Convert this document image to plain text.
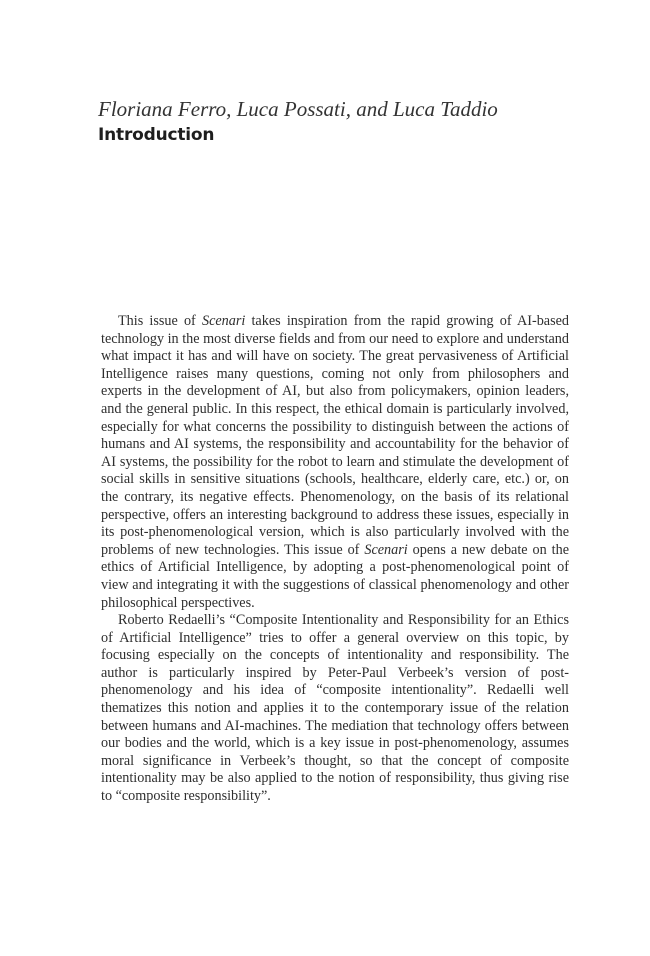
Floriana Ferro, Luca Possati, and Luca Taddio
Introduction

This issue of Scenari takes inspiration from the rapid growing of AI-based technology in the most diverse fields and from our need to explore and understand what impact it has and will have on society. The great pervasiveness of Artificial Intelligence raises many questions, coming not only from philosophers and experts in the development of AI, but also from policymakers, opinion leaders, and the general public. In this respect, the ethical domain is particularly involved, especially for what concerns the possibility to distinguish between the actions of humans and AI systems, the responsibility and accountability for the behavior of AI systems, the possibility for the robot to learn and stimulate the development of social skills in sensitive situations (schools, healthcare, elderly care, etc.) or, on the contrary, its negative effects. Phenomenology, on the basis of its relational perspective, offers an interesting background to address these issues, especially in its post-phenomenological version, which is also particularly involved with the problems of new technologies. This issue of Scenari opens a new debate on the ethics of Artificial Intelligence, by adopting a post-phenomenological point of view and integrating it with the suggestions of classical phenomenology and other philosophical perspectives.

Roberto Redaelli’s “Composite Intentionality and Responsibility for an Ethics of Artificial Intelligence” tries to offer a general overview on this topic, by focusing especially on the concepts of intentionality and responsibility. The author is particularly inspired by Peter-Paul Verbeek’s version of post-phenomenology and his idea of “composite intentionality”. Redaelli well thematizes this notion and applies it to the contemporary issue of the relation between humans and AI-machines. The mediation that technology offers between our bodies and the world, which is a key issue in post-phenomenology, assumes moral significance in Verbeek’s thought, so that the concept of composite intentionality may be also applied to the notion of responsibility, thus giving rise to “composite responsibility”.
